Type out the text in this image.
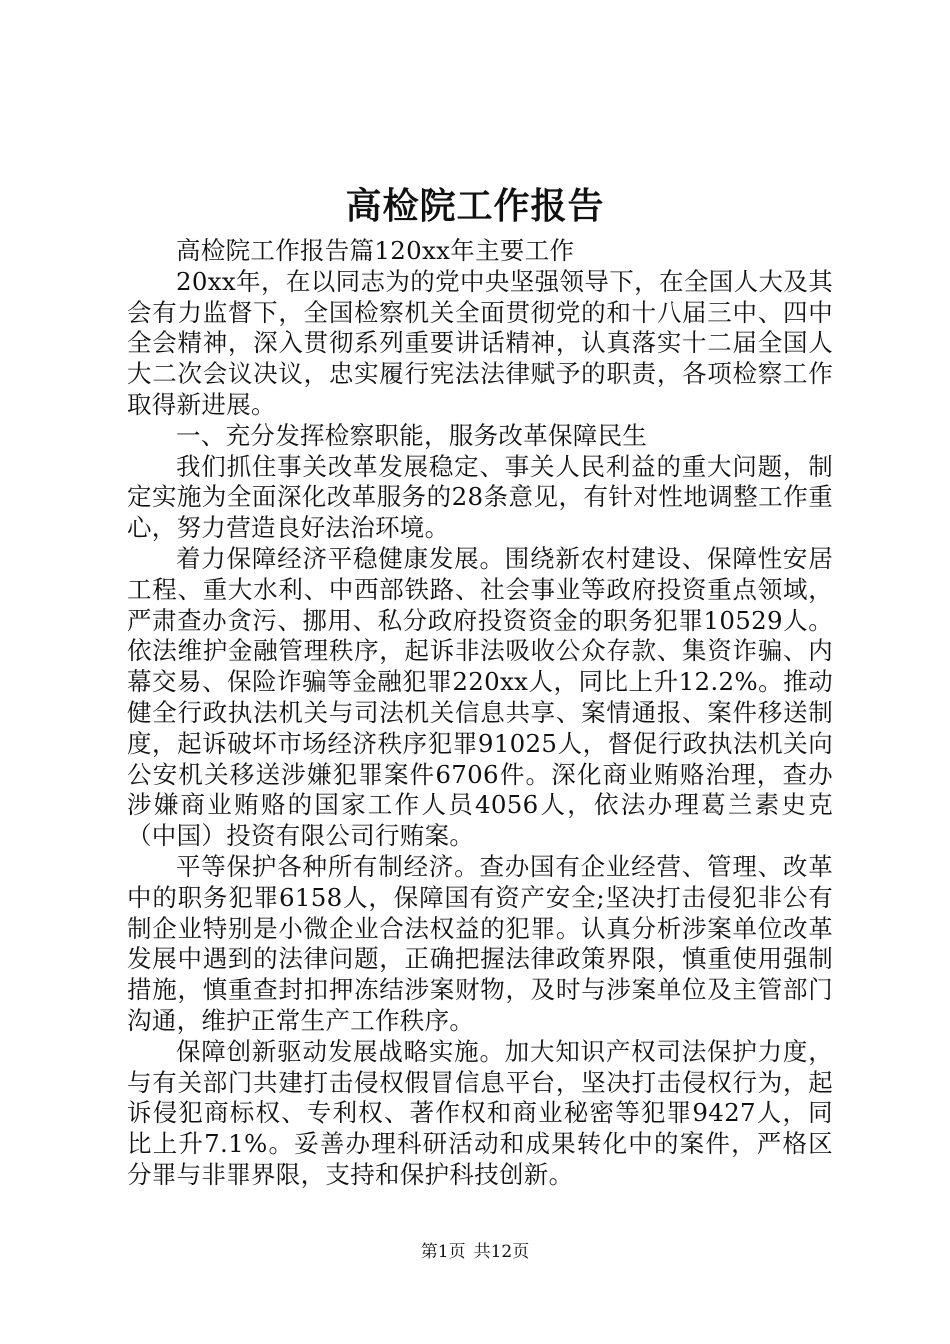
高检院工作报告

高检院工作报告篇120xx年主要工作

20xx年，在以同志为的党中央坚强领导下，在全国人大及其会有力监督下，全国检察机关全面贯彻党的和十八届三中、四中全会精神，深入贯彻系列重要讲话精神，认真落实十二届全国人大二次会议决议，忠实履行宪法法律赋予的职责，各项检察工作取得新进展。

一、充分发挥检察职能，服务改革保障民生

我们抓住事关改革发展稳定、事关人民利益的重大问题，制定实施为全面深化改革服务的28条意见，有针对性地调整工作重心，努力营造良好法治环境。

着力保障经济平稳健康发展。围绕新农村建设、保障性安居工程、重大水利、中西部铁路、社会事业等政府投资重点领域，严肃查办贪污、挪用、私分政府投资资金的职务犯罪10529人。依法维护金融管理秩序，起诉非法吸收公众存款、集资诈骗、内幕交易、保险诈骗等金融犯罪220xx人，同比上升12.2%。推动健全行政执法机关与司法机关信息共享、案情通报、案件移送制度，起诉破坏市场经济秩序犯罪91025人，督促行政执法机关向公安机关移送涉嫌犯罪案件6706件。深化商业贿赂治理，查办涉嫌商业贿赂的国家工作人员4056人，依法办理葛兰素史克（中国）投资有限公司行贿案。

平等保护各种所有制经济。查办国有企业经营、管理、改革中的职务犯罪6158人，保障国有资产安全;坚决打击侵犯非公有制企业特别是小微企业合法权益的犯罪。认真分析涉案单位改革发展中遇到的法律问题，正确把握法律政策界限，慎重使用强制措施，慎重查封扣押冻结涉案财物，及时与涉案单位及主管部门沟通，维护正常生产工作秩序。

保障创新驱动发展战略实施。加大知识产权司法保护力度，与有关部门共建打击侵权假冒信息平台，坚决打击侵权行为，起诉侵犯商标权、专利权、著作权和商业秘密等犯罪9427人，同比上升7.1%。妥善办理科研活动和成果转化中的案件，严格区分罪与非罪界限，支持和保护科技创新。

第1页 共12页
